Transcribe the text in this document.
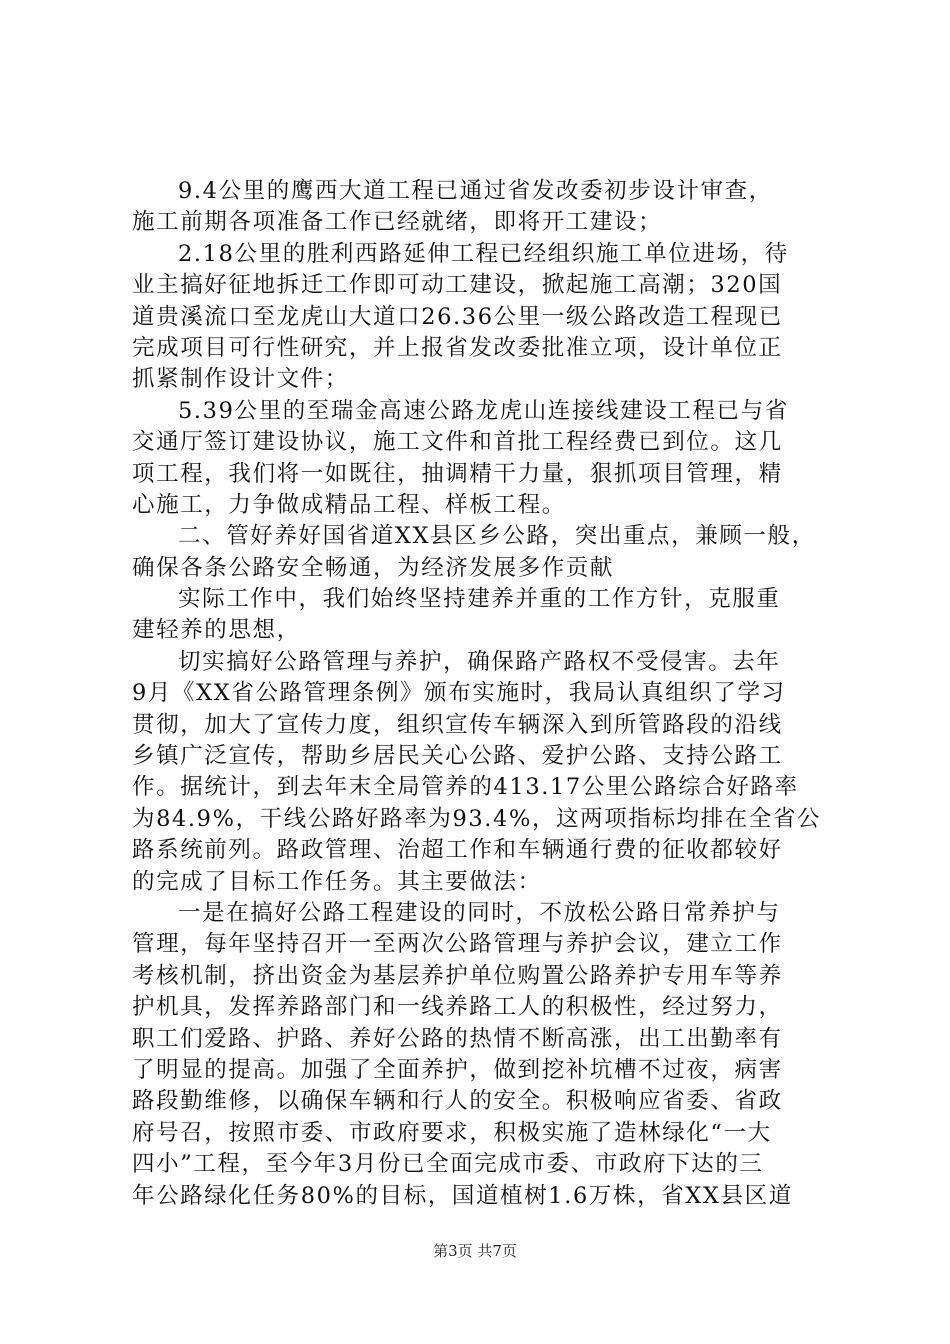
9.4公里的鹰西大道工程已通过省发改委初步设计审查，
施工前期各项准备工作已经就绪，即将开工建设；
2.18公里的胜利西路延伸工程已经组织施工单位进场，待
业主搞好征地拆迁工作即可动工建设，掀起施工高潮；320国
道贵溪流口至龙虎山大道口26.36公里一级公路改造工程现已
完成项目可行性研究，并上报省发改委批准立项，设计单位正
抓紧制作设计文件；
5.39公里的至瑞金高速公路龙虎山连接线建设工程已与省
交通厅签订建设协议，施工文件和首批工程经费已到位。这几
项工程，我们将一如既往，抽调精干力量，狠抓项目管理，精
心施工，力争做成精品工程、样板工程。
二、管好养好国省道XX县区乡公路，突出重点，兼顾一般，
确保各条公路安全畅通，为经济发展多作贡献
实际工作中，我们始终坚持建养并重的工作方针，克服重
建轻养的思想，
切实搞好公路管理与养护，确保路产路权不受侵害。去年
9月《XX省公路管理条例》颁布实施时，我局认真组织了学习
贯彻，加大了宣传力度，组织宣传车辆深入到所管路段的沿线
乡镇广泛宣传，帮助乡居民关心公路、爱护公路、支持公路工
作。据统计，到去年末全局管养的413.17公里公路综合好路率
为84.9%，干线公路好路率为93.4%，这两项指标均排在全省公
路系统前列。路政管理、治超工作和车辆通行费的征收都较好
的完成了目标工作任务。其主要做法：
一是在搞好公路工程建设的同时，不放松公路日常养护与
管理，每年坚持召开一至两次公路管理与养护会议，建立工作
考核机制，挤出资金为基层养护单位购置公路养护专用车等养
护机具，发挥养路部门和一线养路工人的积极性，经过努力，
职工们爱路、护路、养好公路的热情不断高涨，出工出勤率有
了明显的提高。加强了全面养护，做到挖补坑槽不过夜，病害
路段勤维修，以确保车辆和行人的安全。积极响应省委、省政
府号召，按照市委、市政府要求，积极实施了造林绿化“一大
四小”工程，至今年3月份已全面完成市委、市政府下达的三
年公路绿化任务80%的目标，国道植树1.6万株，省XX县区道
第3页 共7页
